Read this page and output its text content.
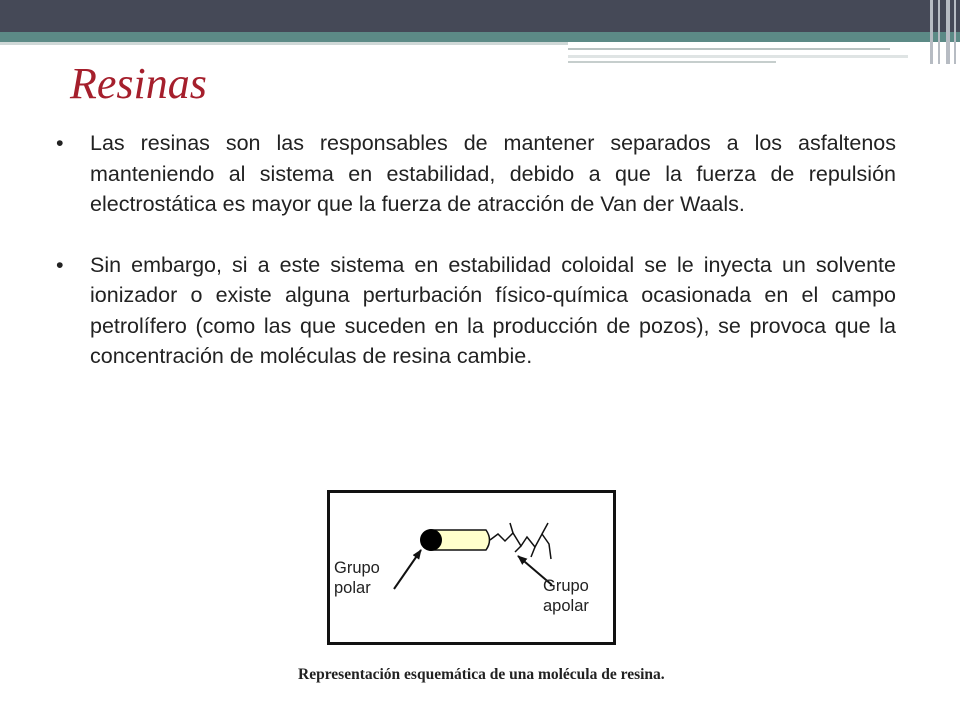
Resinas
• Las resinas son las responsables de mantener separados a los asfaltenos manteniendo al sistema en estabilidad, debido a que la fuerza de repulsión electrostática es mayor que la fuerza de atracción de Van der Waals.
• Sin embargo, si a este sistema en estabilidad coloidal se le inyecta un solvente ionizador o existe alguna perturbación físico-química ocasionada en el campo petrolífero (como las que suceden en la producción de pozos), se provoca que la concentración de moléculas de resina cambie.
Grupo
polar	Grupo
apolar

Representación esquemática de una molécula de resina.
